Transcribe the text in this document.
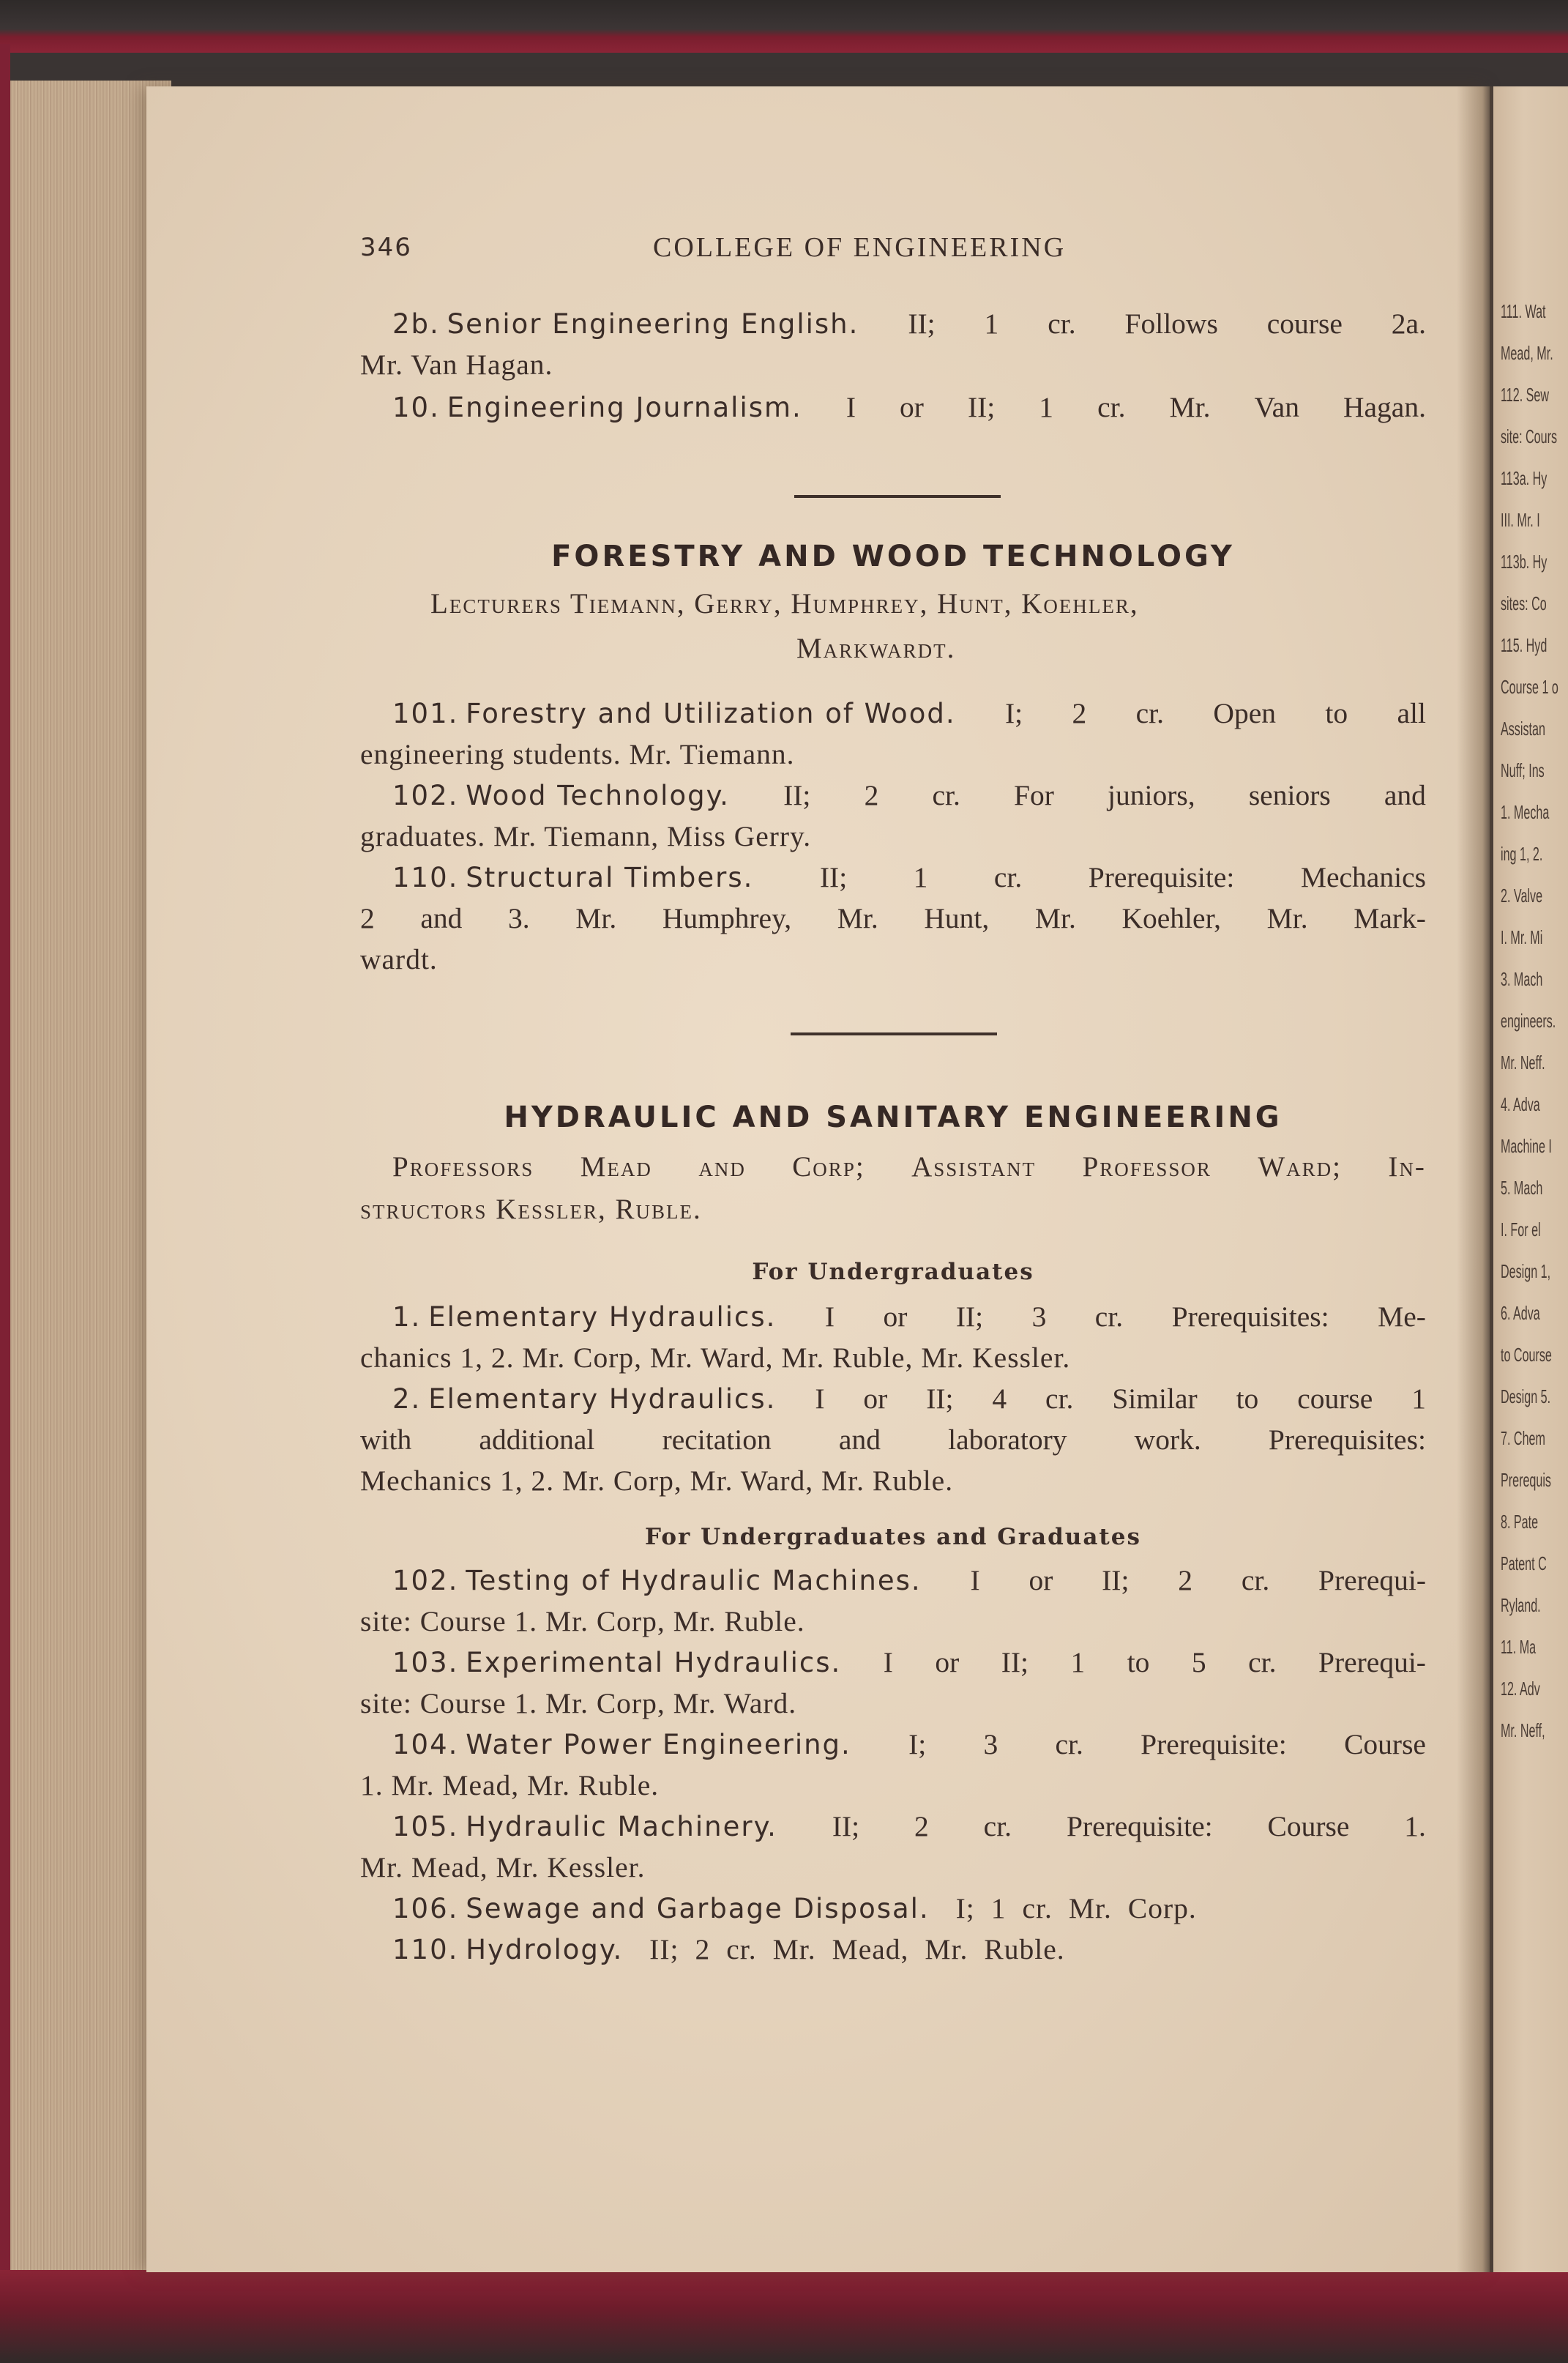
111. Wat
Mead, Mr.
112. Sew
site: Cours
113a. Hy
III. Mr. I
113b. Hy
sites: Co
115. Hyd
Course 1 o
Assistan
Nuff; Ins
1. Mecha
ing 1, 2.
2. Valve
I. Mr. Mi
3. Mach
engineers.
Mr. Neff.
4. Adva
Machine I
5. Mach
I. For el
Design 1,
6. Adva
to Course
Design 5.
7. Chem
Prerequis
8. Pate
Patent C
Ryland.
11. Ma
12. Adv
Mr. Neff,
346	COLLEGE OF ENGINEERING
2b. Senior Engineering English. II; 1 cr. Follows course 2a.
Mr. Van Hagan.
10. Engineering Journalism. I or II; 1 cr. Mr. Van Hagan.
FORESTRY AND WOOD TECHNOLOGY
Lecturers Tiemann, Gerry, Humphrey, Hunt, Koehler,
Markwardt.
101. Forestry and Utilization of Wood. I; 2 cr. Open to all
engineering students. Mr. Tiemann.
102. Wood Technology. II; 2 cr. For juniors, seniors and
graduates. Mr. Tiemann, Miss Gerry.
110. Structural Timbers. II; 1 cr. Prerequisite: Mechanics
2 and 3. Mr. Humphrey, Mr. Hunt, Mr. Koehler, Mr. Mark-
wardt.
HYDRAULIC AND SANITARY ENGINEERING
Professors Mead and Corp; Assistant Professor Ward; In-
structors Kessler, Ruble.
For Undergraduates
1. Elementary Hydraulics. I or II; 3 cr. Prerequisites: Me-
chanics 1, 2. Mr. Corp, Mr. Ward, Mr. Ruble, Mr. Kessler.
2. Elementary Hydraulics. I or II; 4 cr. Similar to course 1
with additional recitation and laboratory work. Prerequisites:
Mechanics 1, 2. Mr. Corp, Mr. Ward, Mr. Ruble.
For Undergraduates and Graduates
102. Testing of Hydraulic Machines. I or II; 2 cr. Prerequi-
site: Course 1. Mr. Corp, Mr. Ruble.
103. Experimental Hydraulics. I or II; 1 to 5 cr. Prerequi-
site: Course 1. Mr. Corp, Mr. Ward.
104. Water Power Engineering. I; 3 cr. Prerequisite: Course
1. Mr. Mead, Mr. Ruble.
105. Hydraulic Machinery. II; 2 cr. Prerequisite: Course 1.
Mr. Mead, Mr. Kessler.
106. Sewage and Garbage Disposal. I; 1 cr. Mr. Corp.
110. Hydrology. II; 2 cr. Mr. Mead, Mr. Ruble.
